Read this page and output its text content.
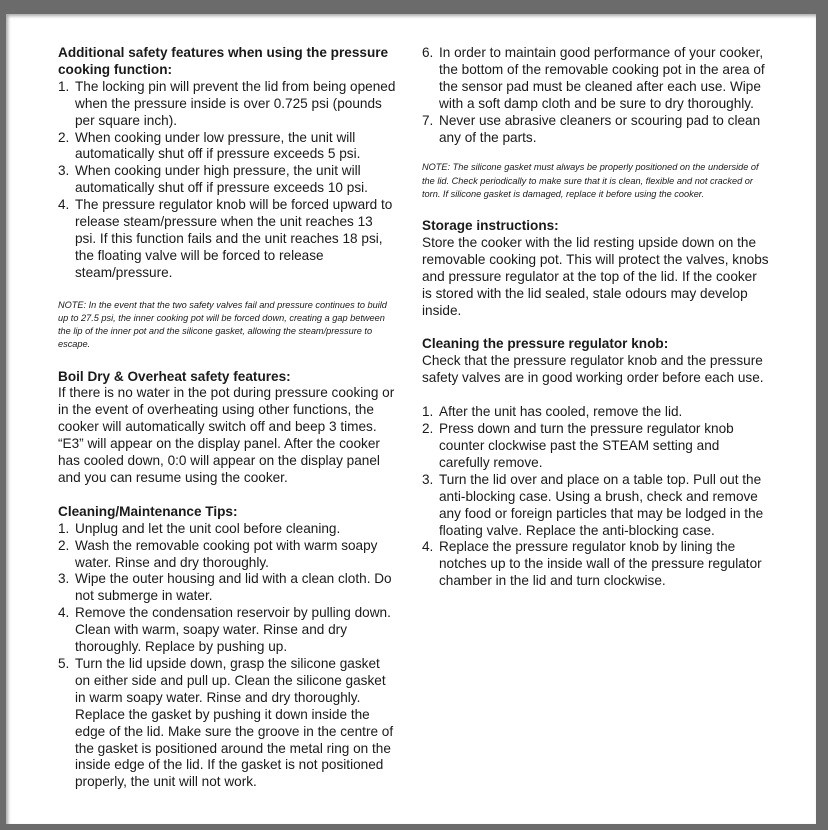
Additional safety features when using the pressure cooking function:
1. The locking pin will prevent the lid from being opened when the pressure inside is over 0.725 psi (pounds per square inch).
2. When cooking under low pressure, the unit will automatically shut off if pressure exceeds 5 psi.
3. When cooking under high pressure, the unit will automatically shut off if pressure exceeds 10 psi.
4. The pressure regulator knob will be forced upward to release steam/pressure when the unit reaches 13 psi. If this function fails and the unit reaches 18 psi, the floating valve will be forced to release steam/pressure.

NOTE: In the event that the two safety valves fail and pressure continues to build up to 27.5 psi, the inner cooking pot will be forced down, creating a gap between the lip of the inner pot and the silicone gasket, allowing the steam/pressure to escape.

Boil Dry & Overheat safety features:

If there is no water in the pot during pressure cooking or in the event of overheating using other functions, the cooker will automatically switch off and beep 3 times. “E3” will appear on the display panel. After the cooker has cooled down, 0:0 will appear on the display panel and you can resume using the cooker.

Cleaning/Maintenance Tips:
1. Unplug and let the unit cool before cleaning.
2. Wash the removable cooking pot with warm soapy water. Rinse and dry thoroughly.
3. Wipe the outer housing and lid with a clean cloth. Do not submerge in water.
4. Remove the condensation reservoir by pulling down. Clean with warm, soapy water. Rinse and dry thoroughly. Replace by pushing up.
5. Turn the lid upside down, grasp the silicone gasket on either side and pull up. Clean the silicone gasket in warm soapy water. Rinse and dry thoroughly. Replace the gasket by pushing it down inside the edge of the lid. Make sure the groove in the centre of the gasket is positioned around the metal ring on the inside edge of the lid. If the gasket is not positioned properly, the unit will not work.
6. In order to maintain good performance of your cooker, the bottom of the removable cooking pot in the area of the sensor pad must be cleaned after each use. Wipe with a soft damp cloth and be sure to dry thoroughly.
7. Never use abrasive cleaners or scouring pad to clean any of the parts.

NOTE: The silicone gasket must always be properly positioned on the underside of the lid. Check periodically to make sure that it is clean, flexible and not cracked or torn. If silicone gasket is damaged, replace it before using the cooker.

Storage instructions:

Store the cooker with the lid resting upside down on the removable cooking pot. This will protect the valves, knobs and pressure regulator at the top of the lid. If the cooker is stored with the lid sealed, stale odours may develop inside.

Cleaning the pressure regulator knob:

Check that the pressure regulator knob and the pressure safety valves are in good working order before each use.

1. After the unit has cooled, remove the lid.
2. Press down and turn the pressure regulator knob counter clockwise past the STEAM setting and carefully remove.
3. Turn the lid over and place on a table top. Pull out the anti-blocking case. Using a brush, check and remove any food or foreign particles that may be lodged in the floating valve. Replace the anti-blocking case.
4. Replace the pressure regulator knob by lining the notches up to the inside wall of the pressure regulator chamber in the lid and turn clockwise.
